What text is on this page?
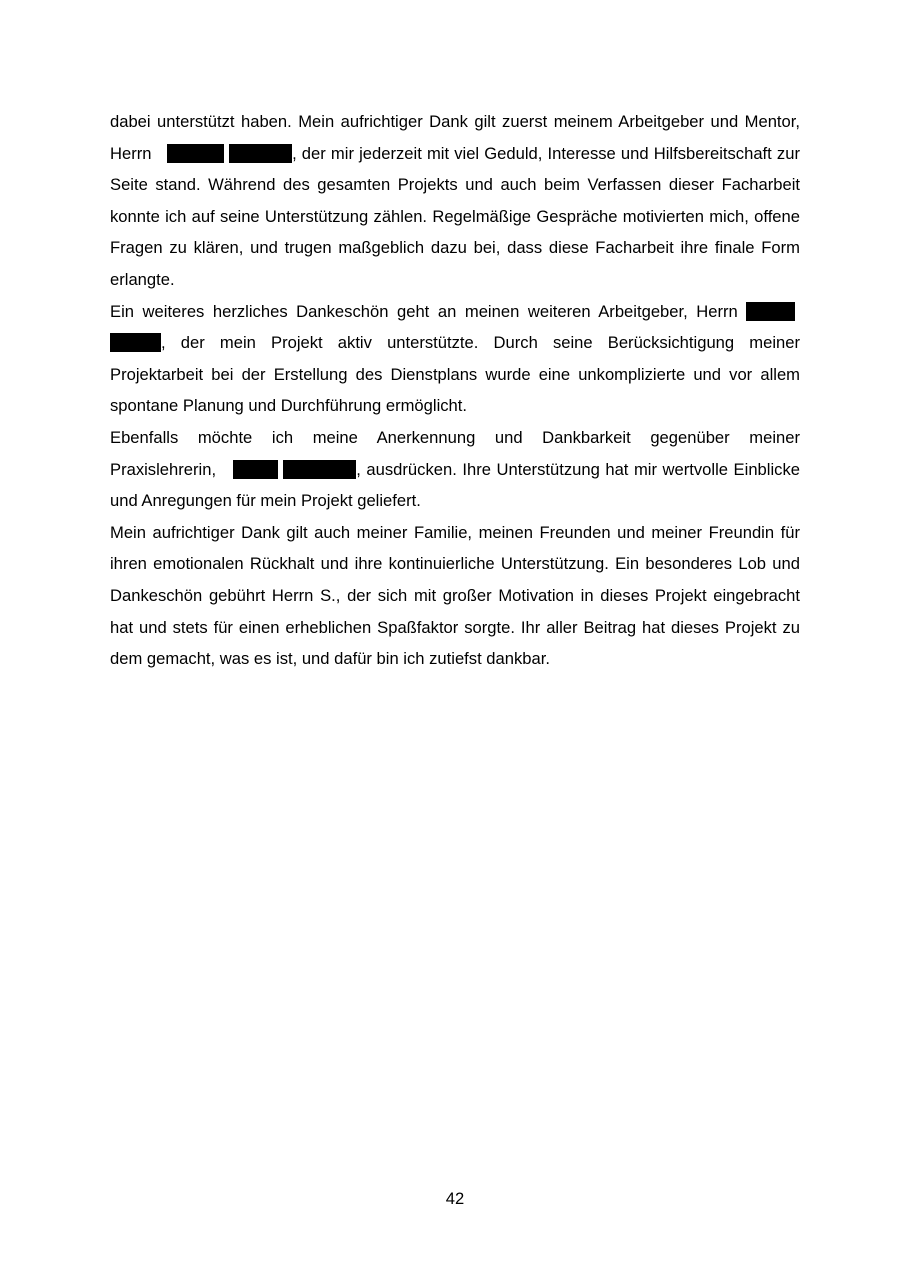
dabei unterstützt haben. Mein aufrichtiger Dank gilt zuerst meinem Arbeitgeber und Mentor, Herrn	, der mir jederzeit mit viel Geduld, Interesse und Hilfsbereitschaft zur Seite stand. Während des gesamten Projekts und auch beim Verfassen dieser Facharbeit konnte ich auf seine Unterstützung zählen. Regelmäßige Gespräche motivierten mich, offene Fragen zu klären, und trugen maßgeblich dazu bei, dass diese Facharbeit ihre finale Form erlangte.

Ein weiteres herzliches Dankeschön geht an meinen weiteren Arbeitgeber, Herrn  , der mein Projekt aktiv unterstützte. Durch seine Berücksichtigung meiner Projektarbeit bei der Erstellung des Dienstplans wurde eine unkomplizierte und vor allem spontane Planung und Durchführung ermöglicht.

Ebenfalls möchte ich meine Anerkennung und Dankbarkeit gegenüber meiner Praxislehrerin,	, ausdrücken. Ihre Unterstützung hat mir wertvolle Einblicke und Anregungen für mein Projekt geliefert.

Mein aufrichtiger Dank gilt auch meiner Familie, meinen Freunden und meiner Freundin für ihren emotionalen Rückhalt und ihre kontinuierliche Unterstützung. Ein besonderes Lob und Dankeschön gebührt Herrn S., der sich mit großer Motivation in dieses Projekt eingebracht hat und stets für einen erheblichen Spaßfaktor sorgte. Ihr aller Beitrag hat dieses Projekt zu dem gemacht, was es ist, und dafür bin ich zutiefst dankbar.

42
